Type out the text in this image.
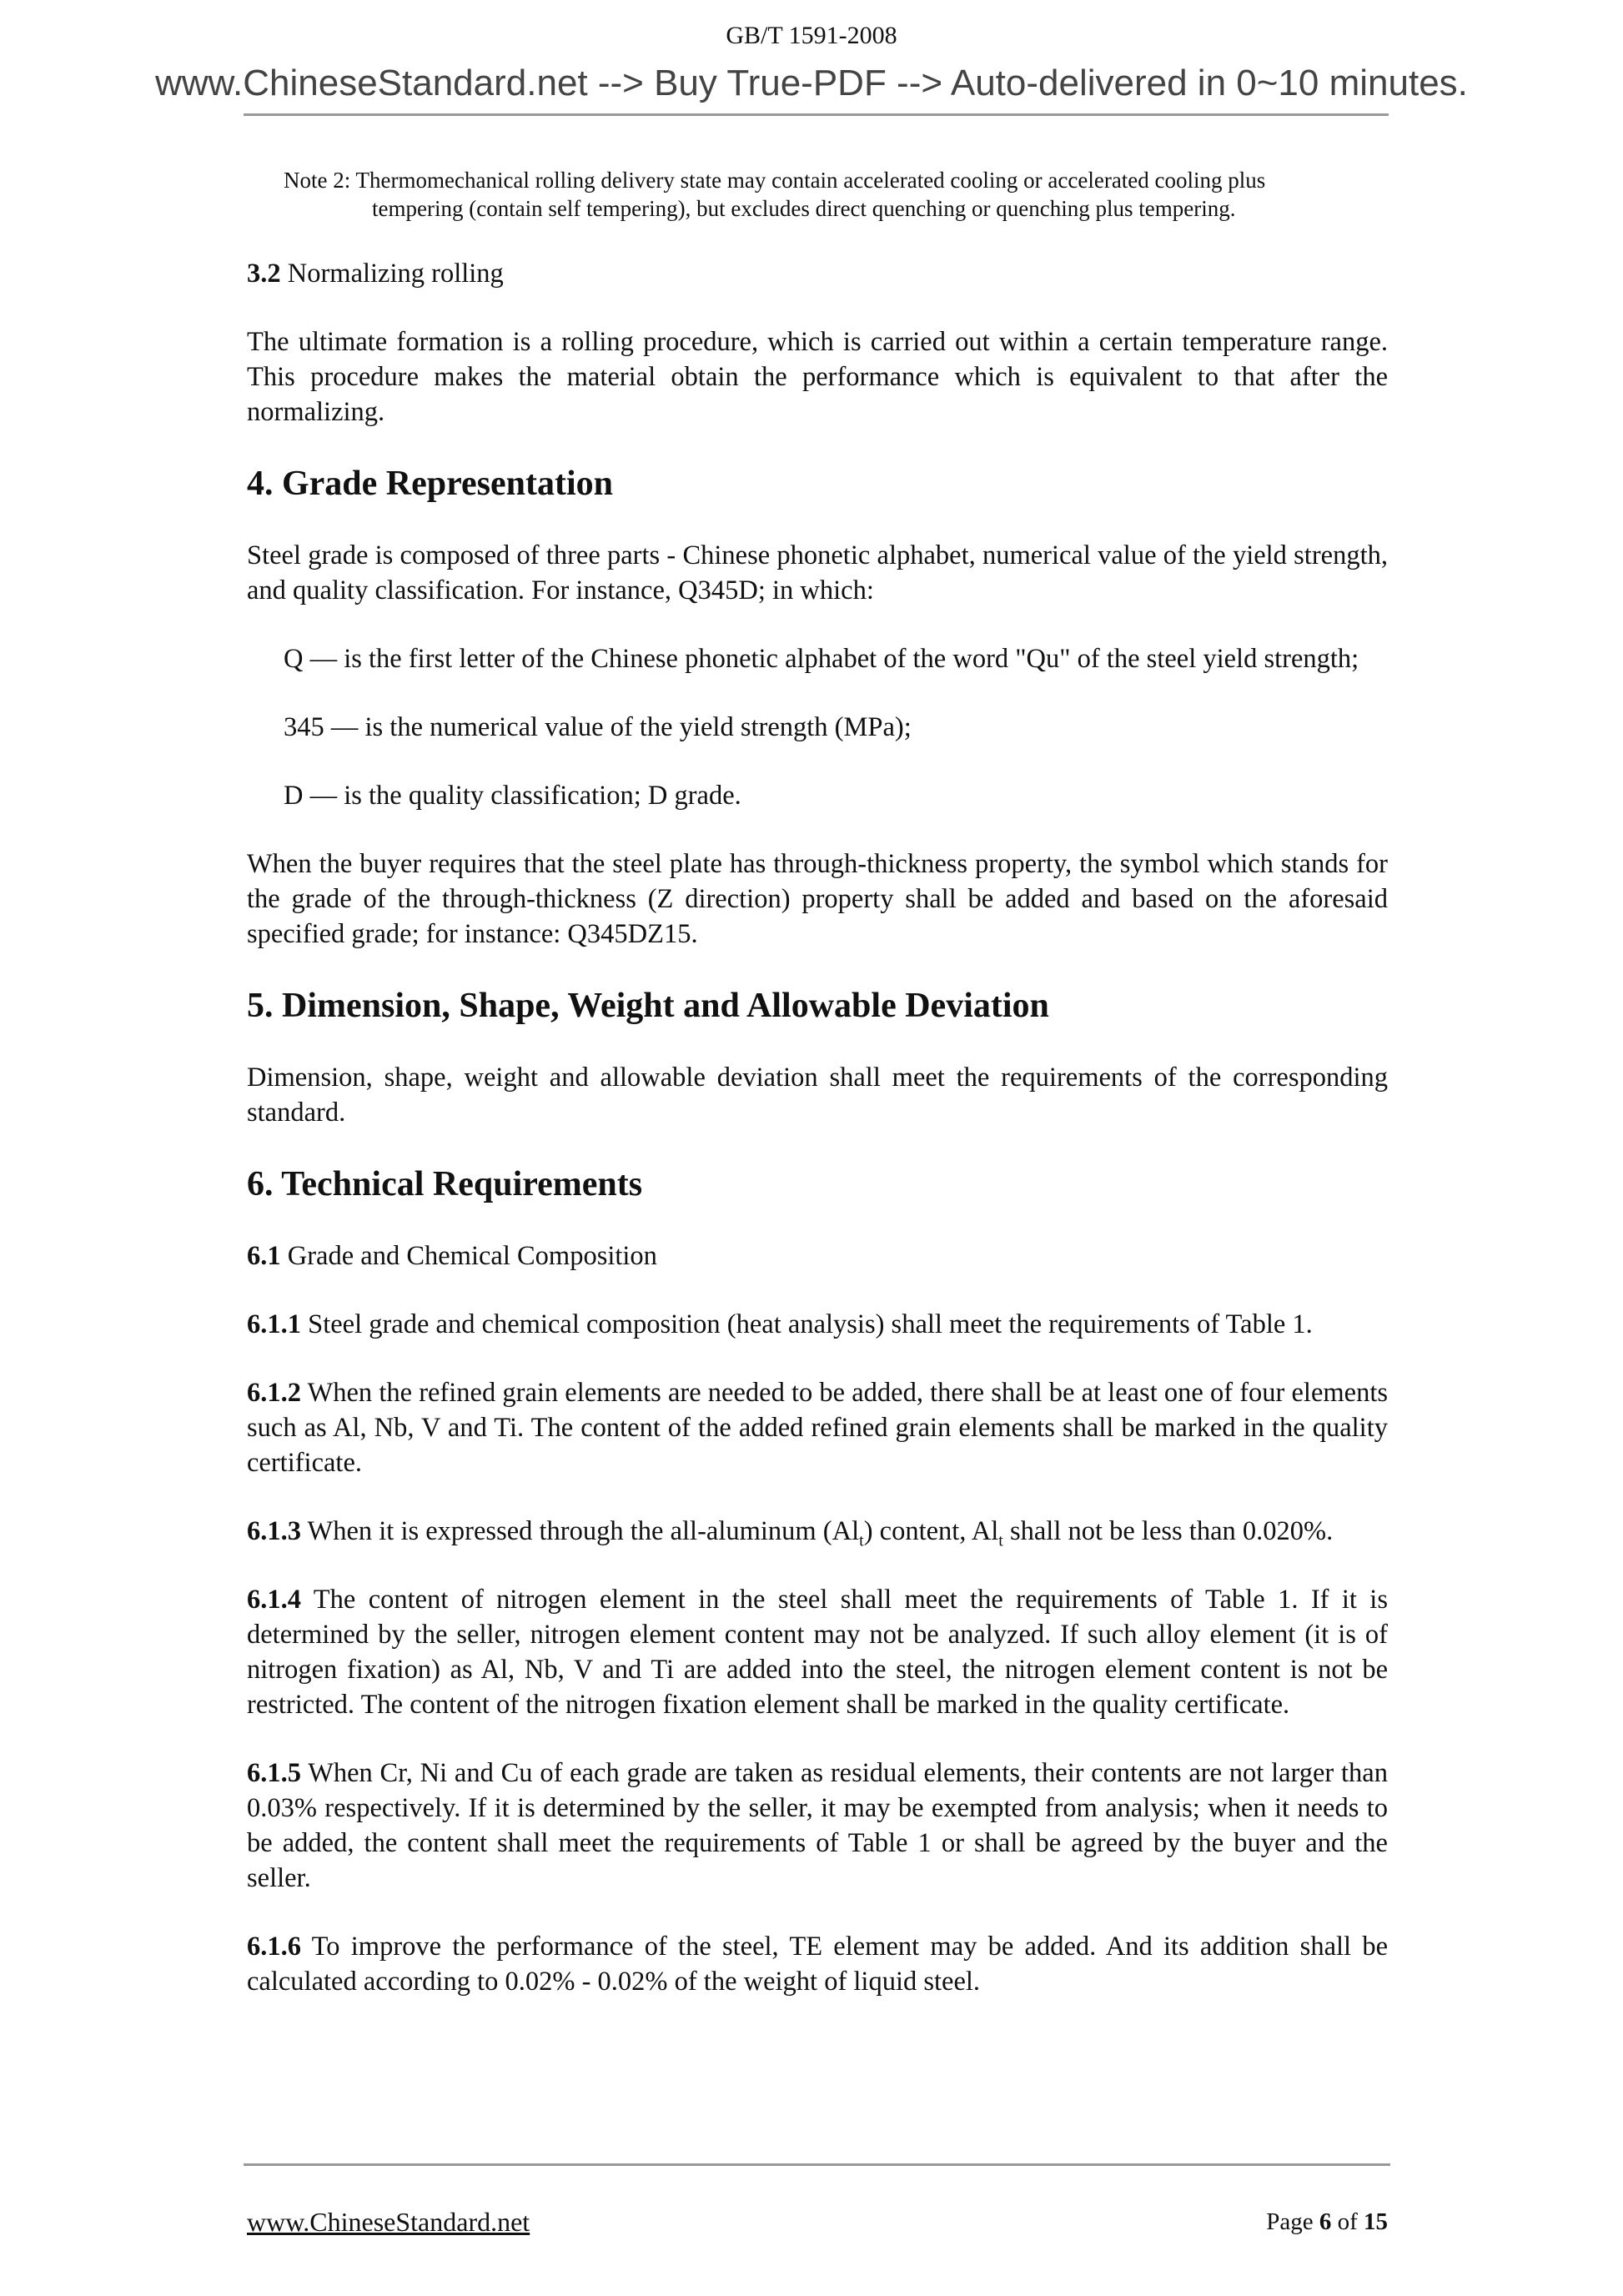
GB/T 1591-2008
www.ChineseStandard.net --> Buy True-PDF --> Auto-delivered in 0~10 minutes.
Note 2: Thermomechanical rolling delivery state may contain accelerated cooling or accelerated cooling plus
tempering (contain self tempering), but excludes direct quenching or quenching plus tempering.
3.2 Normalizing rolling
The ultimate formation is a rolling procedure, which is carried out within a certain temperature range. This procedure makes the material obtain the performance which is equivalent to that after the normalizing.
4. Grade Representation
Steel grade is composed of three parts - Chinese phonetic alphabet, numerical value of the yield strength, and quality classification. For instance, Q345D; in which:
Q — is the first letter of the Chinese phonetic alphabet of the word "Qu" of the steel yield strength;
345 — is the numerical value of the yield strength (MPa);
D — is the quality classification; D grade.
When the buyer requires that the steel plate has through-thickness property, the symbol which stands for the grade of the through-thickness (Z direction) property shall be added and based on the aforesaid specified grade; for instance: Q345DZ15.
5. Dimension, Shape, Weight and Allowable Deviation
Dimension, shape, weight and allowable deviation shall meet the requirements of the corresponding standard.
6. Technical Requirements
6.1 Grade and Chemical Composition
6.1.1 Steel grade and chemical composition (heat analysis) shall meet the requirements of Table 1.
6.1.2 When the refined grain elements are needed to be added, there shall be at least one of four elements such as Al, Nb, V and Ti. The content of the added refined grain elements shall be marked in the quality certificate.
6.1.3 When it is expressed through the all-aluminum $(Al_t)$ content, $Al_t$ shall not be less than 0.020%.
6.1.4 The content of nitrogen element in the steel shall meet the requirements of Table 1. If it is determined by the seller, nitrogen element content may not be analyzed. If such alloy element (it is of nitrogen fixation) as Al, Nb, V and Ti are added into the steel, the nitrogen element content is not be restricted. The content of the nitrogen fixation element shall be marked in the quality certificate.
6.1.5 When Cr, Ni and Cu of each grade are taken as residual elements, their contents are not larger than 0.03% respectively. If it is determined by the seller, it may be exempted from analysis; when it needs to be added, the content shall meet the requirements of Table 1 or shall be agreed by the buyer and the seller.
6.1.6 To improve the performance of the steel, TE element may be added. And its addition shall be calculated according to 0.02% - 0.02% of the weight of liquid steel.
www.ChineseStandard.net	Page 6 of 15
